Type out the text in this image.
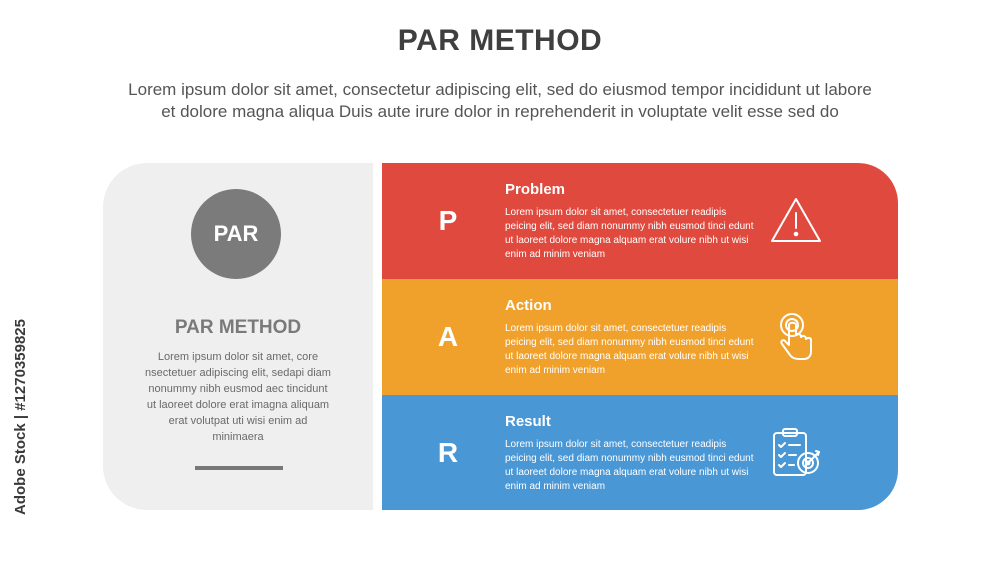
PAR METHOD
Lorem ipsum dolor sit amet, consectetur adipiscing elit, sed do eiusmod tempor incididunt ut labore
et dolore magna aliqua Duis aute irure dolor in reprehenderit in voluptate velit esse sed do
PAR
PAR METHOD
Lorem ipsum dolor sit amet, core nsectetuer adipiscing elit, sedapi diam nonummy nibh eusmod aec tincidunt ut laoreet dolore erat imagna aliquam erat volutpat uti wisi enim ad minimaera
P
Problem
Lorem ipsum dolor sit amet, consectetuer readipis peicing elit, sed diam nonummy nibh eusmod tinci edunt ut laoreet dolore magna alquam erat volure nibh ut wisi enim ad minim veniam
A
Action
Lorem ipsum dolor sit amet, consectetuer readipis peicing elit, sed diam nonummy nibh eusmod tinci edunt ut laoreet dolore magna alquam erat volure nibh ut wisi enim ad minim veniam
R
Result
Lorem ipsum dolor sit amet, consectetuer readipis peicing elit, sed diam nonummy nibh eusmod tinci edunt ut laoreet dolore magna alquam erat volure nibh ut wisi enim ad minim veniam
Adobe Stock | #1270359825
